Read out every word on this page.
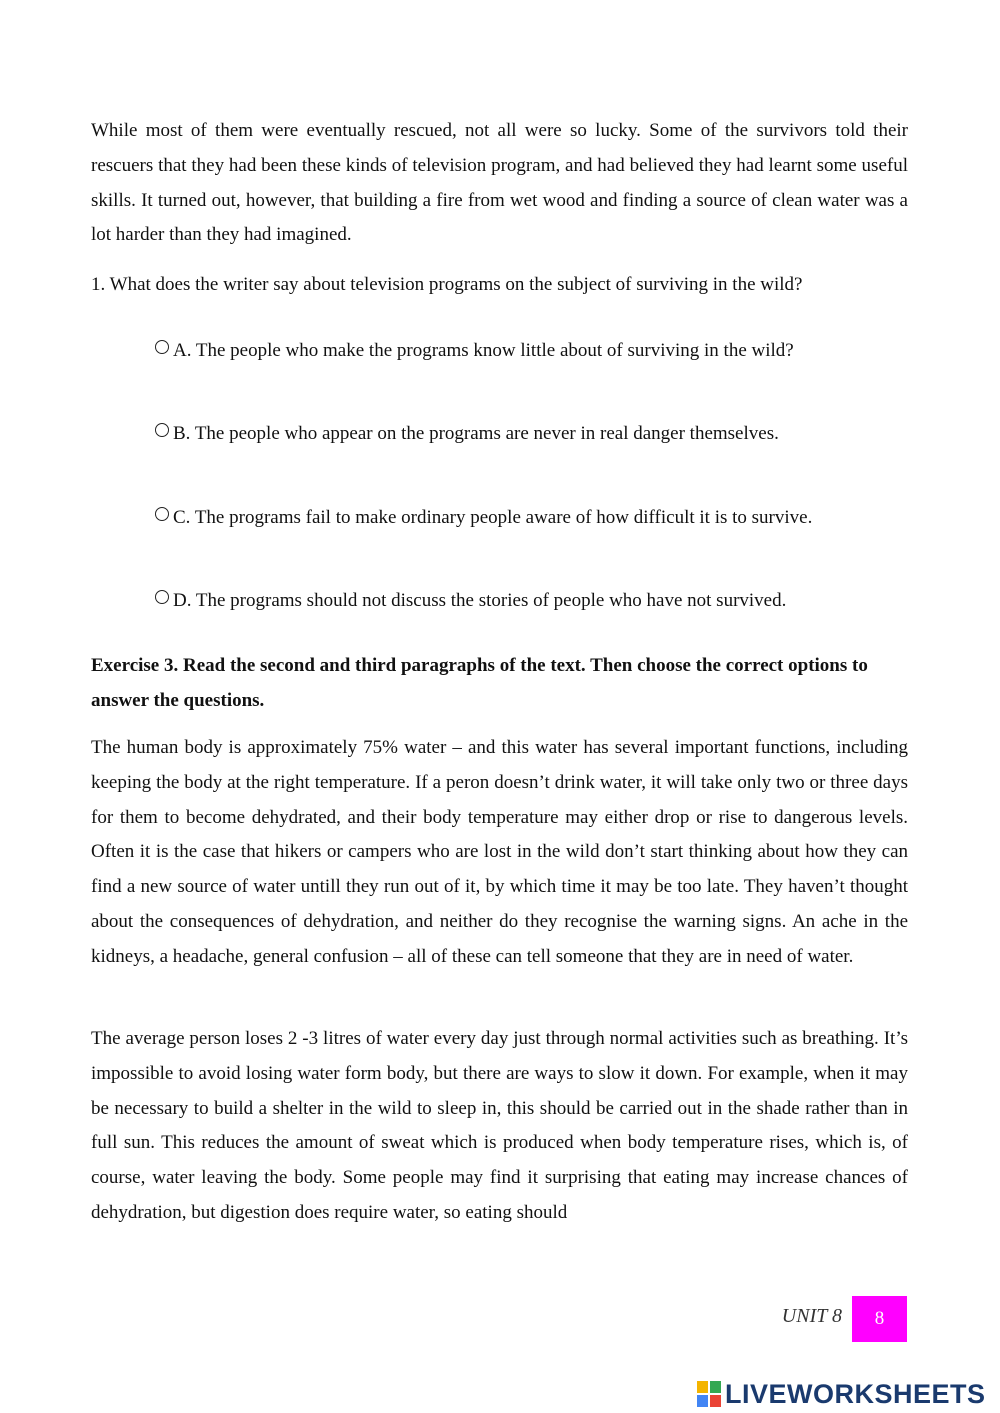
While most of them were eventually rescued, not all were so lucky. Some of the survivors told their rescuers that they had been these kinds of television program, and had believed they had learnt some useful skills. It turned out, however, that building a fire from wet wood and finding a source of clean water was a lot harder than they had imagined.

1. What does the writer say about television programs on the subject of surviving in the wild?

A. The people who make the programs know little about of surviving in the wild?
B. The people who appear on the programs are never in real danger themselves.
C. The programs fail to make ordinary people aware of how difficult it is to survive.
D. The programs should not discuss the stories of people who have not survived.

Exercise 3. Read the second and third paragraphs of the text. Then choose the correct options to answer the questions.

The human body is approximately 75% water – and this water has several important functions, including keeping the body at the right temperature. If a peron doesn’t drink water, it will take only two or three days for them to become dehydrated, and their body temperature may either drop or rise to dangerous levels. Often it is the case that hikers or campers who are lost in the wild don’t start thinking about how they can find a new source of water untill they run out of it, by which time it may be too late. They haven’t thought about the consequences of dehydration, and neither do they recognise the warning signs. An ache in the kidneys, a headache, general confusion – all of these can tell someone that they are in need of water.

The average person loses 2 -3 litres of water every day just through normal activities such as breathing. It’s impossible to avoid losing water form body, but there are ways to slow it down. For example, when it may be necessary to build a shelter in the wild to sleep in, this should be carried out in the shade rather than in full sun. This reduces the amount of sweat which is produced when body temperature rises, which is, of course, water leaving the body. Some people may find it surprising that eating may increase chances of dehydration, but digestion does require water, so eating should

UNIT 8	8
LIVEWORKSHEETS
